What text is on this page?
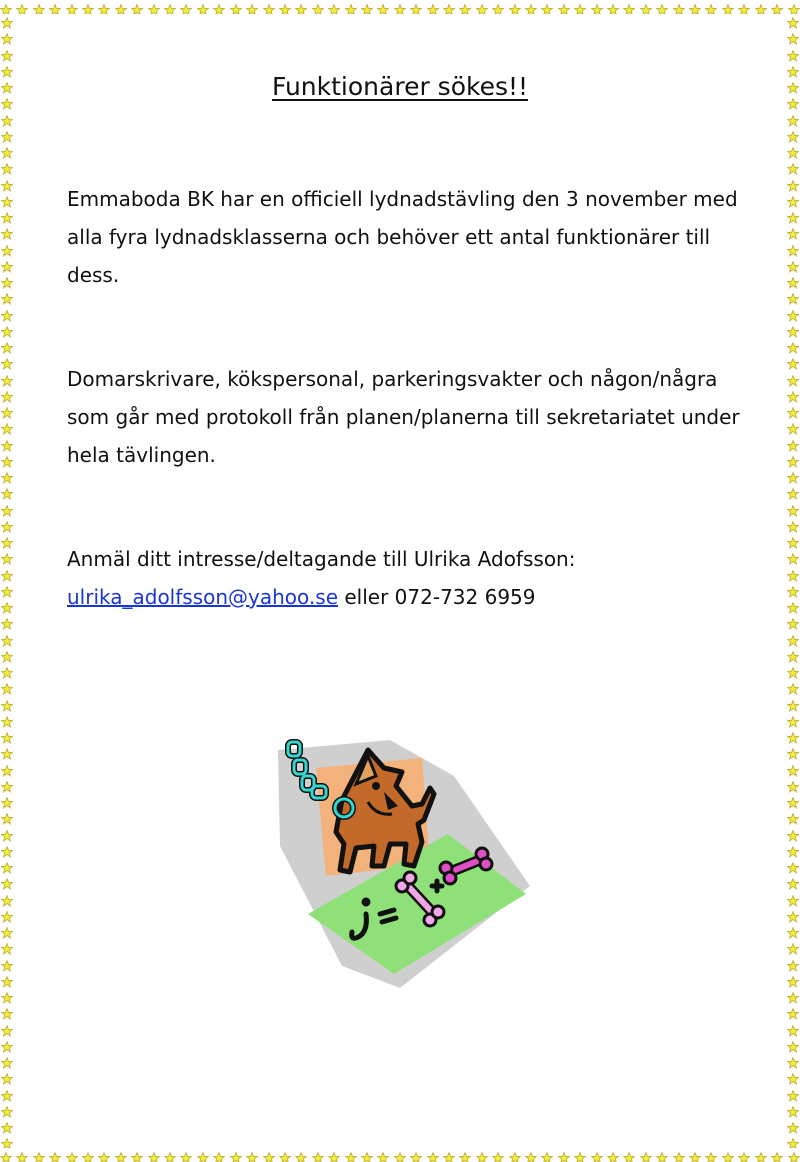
Funktionärer sökes!!

Emmaboda BK har en officiell lydnadstävling den 3 november med alla fyra lydnadsklasserna och behöver ett antal funktionärer till dess.

Domarskrivare, kökspersonal, parkeringsvakter och någon/några som går med protokoll från planen/planerna till sekretariatet under hela tävlingen.

Anmäl ditt intresse/deltagande till Ulrika Adofsson:
ulrika_adolfsson@yahoo.se eller 072-732 6959
